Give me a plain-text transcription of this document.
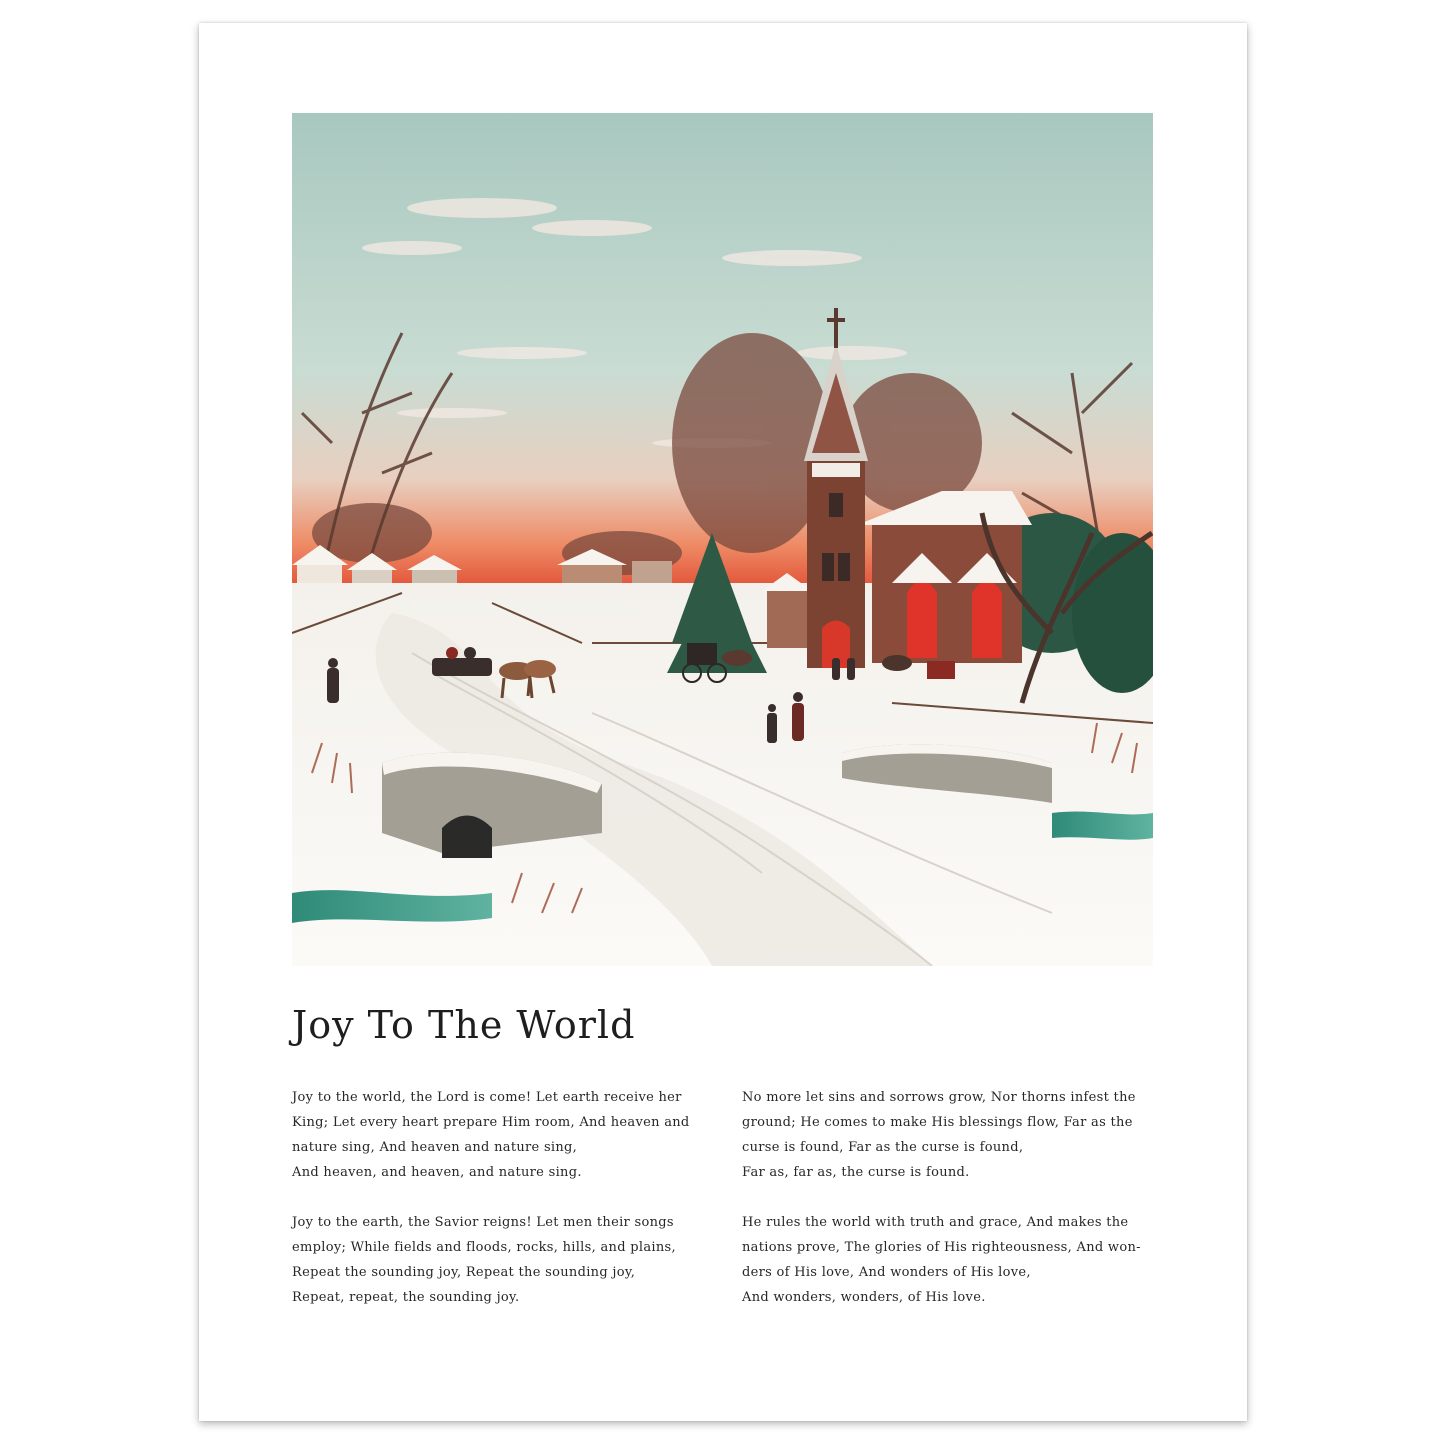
Joy To The World

Joy to the world, the Lord is come! Let earth receive her
King; Let every heart prepare Him room, And heaven and
nature sing, And heaven and nature sing,
And heaven, and heaven, and nature sing.

Joy to the earth, the Savior reigns! Let men their songs
employ; While fields and floods, rocks, hills, and plains,
Repeat the sounding joy, Repeat the sounding joy,
Repeat, repeat, the sounding joy.

No more let sins and sorrows grow, Nor thorns infest the
ground; He comes to make His blessings flow, Far as the
curse is found, Far as the curse is found,
Far as, far as, the curse is found.

He rules the world with truth and grace, And makes the
nations prove, The glories of His righteousness, And won-
ders of His love, And wonders of His love,
And wonders, wonders, of His love.
